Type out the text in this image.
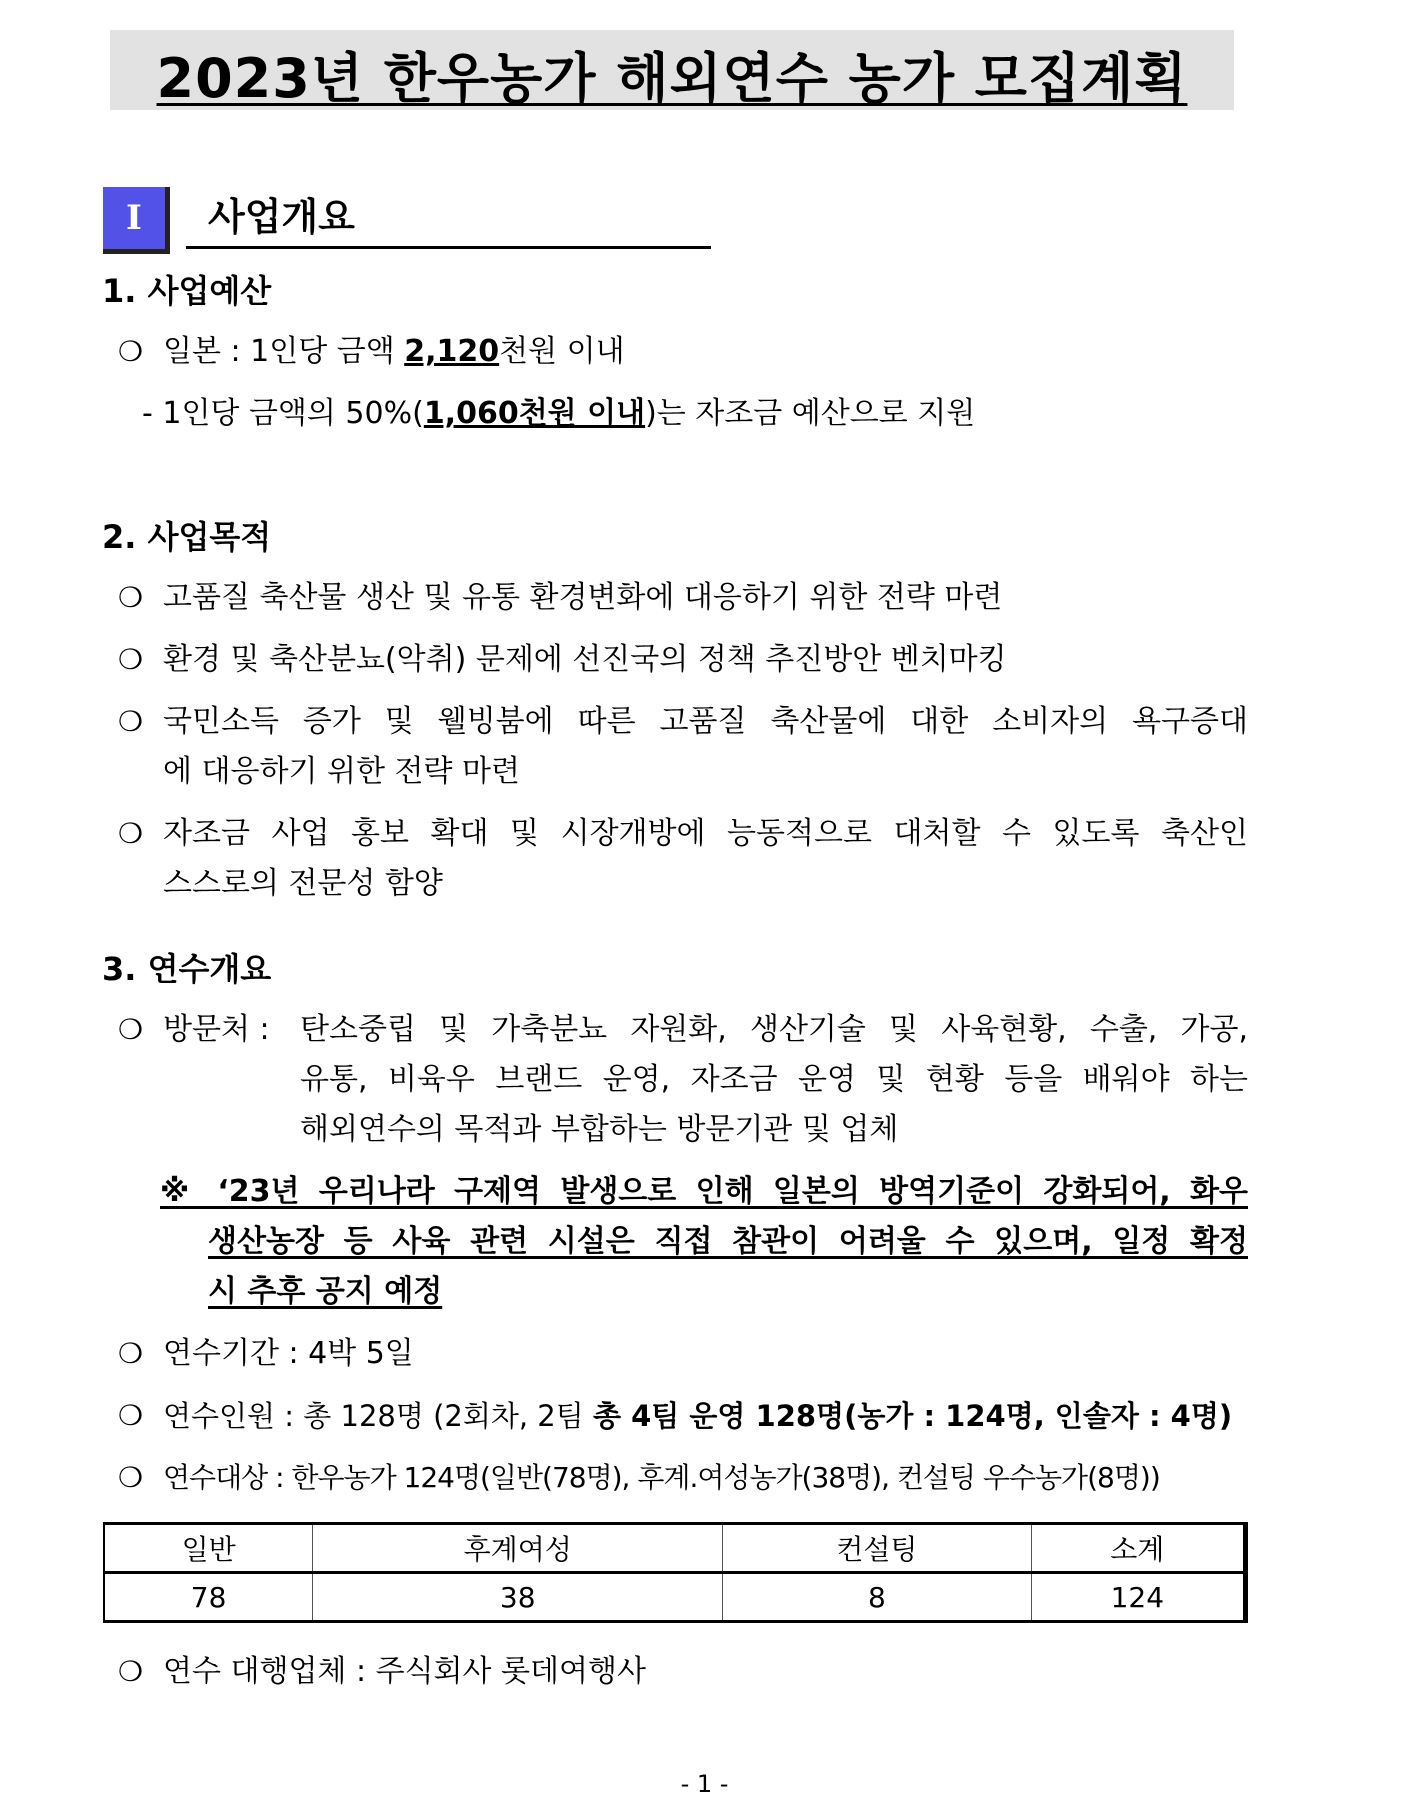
2023년 한우농가 해외연수 농가 모집계획
Ⅰ	사업개요
1. 사업예산
❍ 일본 : 1인당 금액 2,120천원 이내
- 1인당 금액의 50%(1,060천원 이내)는 자조금 예산으로 지원
2. 사업목적
❍ 고품질 축산물 생산 및 유통 환경변화에 대응하기 위한 전략 마련
❍ 환경 및 축산분뇨(악취) 문제에 선진국의 정책 추진방안 벤치마킹
❍ 국민소득 증가 및 웰빙붐에 따른 고품질 축산물에 대한 소비자의 욕구증대
에 대응하기 위한 전략 마련
❍ 자조금 사업 홍보 확대 및 시장개방에 능동적으로 대처할 수 있도록 축산인
스스로의 전문성 함양
3. 연수개요
❍ 방문처 : 탄소중립 및 가축분뇨 자원화, 생산기술 및 사육현황, 수출, 가공,
유통, 비육우 브랜드 운영, 자조금 운영 및 현황 등을 배워야 하는
해외연수의 목적과 부합하는 방문기관 및 업체
※ ‘23년 우리나라 구제역 발생으로 인해 일본의 방역기준이 강화되어, 화우
생산농장 등 사육 관련 시설은 직접 참관이 어려울 수 있으며, 일정 확정
시 추후 공지 예정
❍ 연수기간 : 4박 5일
❍ 연수인원 : 총 128명 (2회차, 2팀 총 4팀 운영 128명(농가 : 124명, 인솔자 : 4명)
❍ 연수대상 : 한우농가 124명(일반(78명), 후계.여성농가(38명), 컨설팅 우수농가(8명))
일반	후계여성	컨설팅	소계
78	38	8	124
❍ 연수 대행업체 : 주식회사 롯데여행사
- 1 -
